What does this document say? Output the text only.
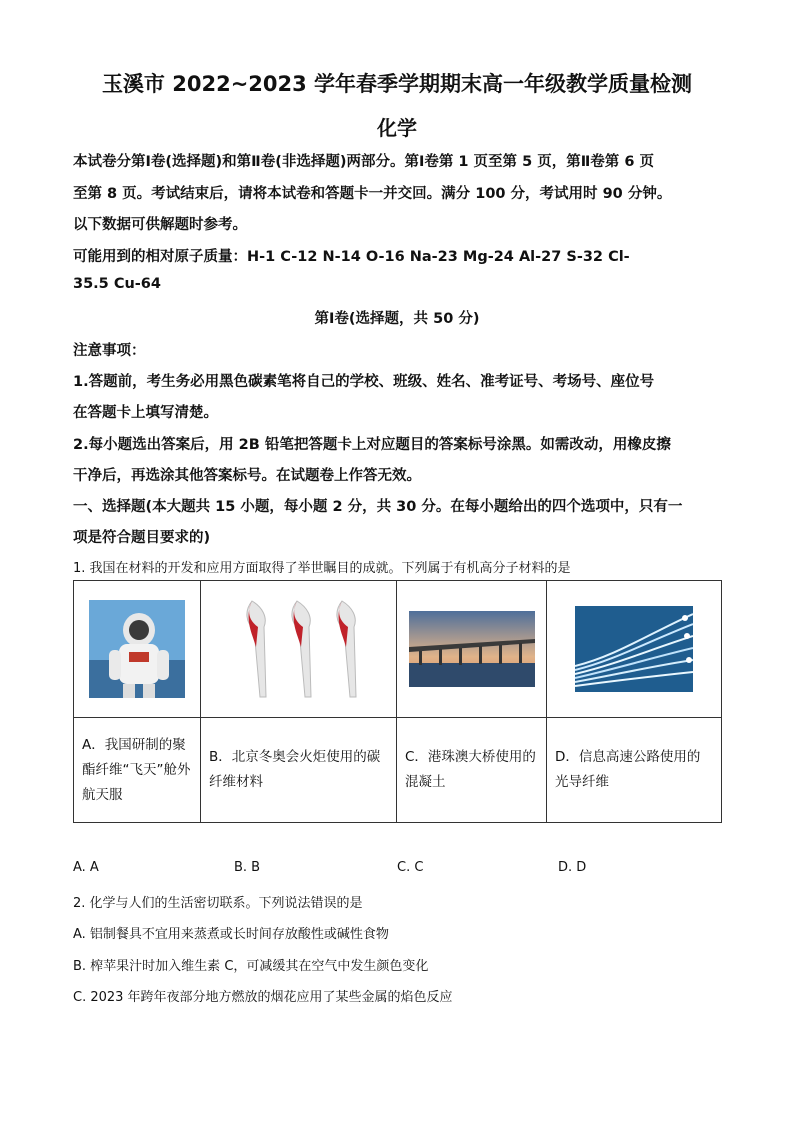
玉溪市 2022~2023 学年春季学期期末高一年级教学质量检测
化学
本试卷分第Ⅰ卷(选择题)和第Ⅱ卷(非选择题)两部分。第Ⅰ卷第 1 页至第 5 页，第Ⅱ卷第 6 页
至第 8 页。考试结束后，请将本试卷和答题卡一并交回。满分 100 分，考试用时 90 分钟。
以下数据可供解题时参考。
可能用到的相对原子质量：H-1 C-12 N-14 O-16 Na-23 Mg-24 Al-27 S-32 Cl-
35.5 Cu-64
第Ⅰ卷(选择题，共 50 分)
注意事项：
1.答题前，考生务必用黑色碳素笔将自己的学校、班级、姓名、准考证号、考场号、座位号
在答题卡上填写清楚。
2.每小题选出答案后，用 2B 铅笔把答题卡上对应题目的答案标号涂黑。如需改动，用橡皮擦
干净后，再选涂其他答案标号。在试题卷上作答无效。
一、选择题(本大题共 15 小题，每小题 2 分，共 30 分。在每小题给出的四个选项中，只有一
项是符合题目要求的)
1. 我国在材料的开发和应用方面取得了举世瞩目的成就。下列属于有机高分子材料的是

A．我国研制的聚酯纤维“飞天”舱外航天服	B．北京冬奥会火炬使用的碳纤维材料	C．港珠澳大桥使用的混凝土	D．信息高速公路使用的光导纤维
A. A	B. B	C. C	D. D
2. 化学与人们的生活密切联系。下列说法错误的是
A. 铝制餐具不宜用来蒸煮或长时间存放酸性或碱性食物
B. 榨苹果汁时加入维生素 C，可减缓其在空气中发生颜色变化
C. 2023 年跨年夜部分地方燃放的烟花应用了某些金属的焰色反应
